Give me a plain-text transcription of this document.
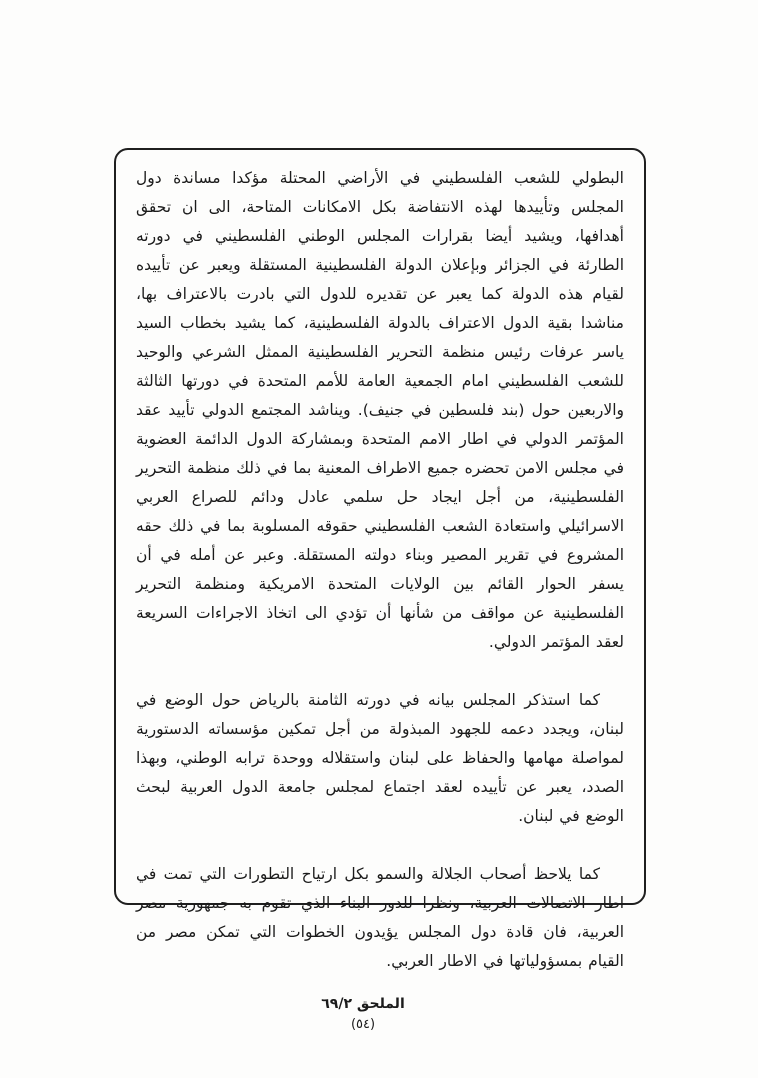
البطولي للشعب الفلسطيني في الأراضي المحتلة مؤكدا مساندة دول المجلس وتأييدها لهذه الانتفاضة بكل الامكانات المتاحة، الى ان تحقق أهدافها، ويشيد أيضا بقرارات المجلس الوطني الفلسطيني في دورته الطارئة في الجزائر وبإعلان الدولة الفلسطينية المستقلة ويعبر عن تأييده لقيام هذه الدولة كما يعبر عن تقديره للدول التي بادرت بالاعتراف بها، مناشدا بقية الدول الاعتراف بالدولة الفلسطينية، كما يشيد بخطاب السيد ياسر عرفات رئيس منظمة التحرير الفلسطينية الممثل الشرعي والوحيد للشعب الفلسطيني امام الجمعية العامة للأمم المتحدة في دورتها الثالثة والاربعين حول (بند فلسطين في جنيف). ويناشد المجتمع الدولي تأييد عقد المؤتمر الدولي في اطار الامم المتحدة وبمشاركة الدول الدائمة العضوية في مجلس الامن تحضره جميع الاطراف المعنية بما في ذلك منظمة التحرير الفلسطينية، من أجل ايجاد حل سلمي عادل ودائم للصراع العربي الاسرائيلي واستعادة الشعب الفلسطيني حقوقه المسلوبة بما في ذلك حقه المشروع في تقرير المصير وبناء دولته المستقلة. وعبر عن أمله في أن يسفر الحوار القائم بين الولايات المتحدة الامريكية ومنظمة التحرير الفلسطينية عن مواقف من شأنها أن تؤدي الى اتخاذ الاجراءات السريعة لعقد المؤتمر الدولي.

كما استذكر المجلس بيانه في دورته الثامنة بالرياض حول الوضع في لبنان، ويجدد دعمه للجهود المبذولة من أجل تمكين مؤسساته الدستورية لمواصلة مهامها والحفاظ على لبنان واستقلاله ووحدة ترابه الوطني، وبهذا الصدد، يعبر عن تأييده لعقد اجتماع لمجلس جامعة الدول العربية لبحث الوضع في لبنان.

كما يلاحظ أصحاب الجلالة والسمو بكل ارتياح التطورات التي تمت في اطار الاتصالات العربية، ونظرا للدور البناء الذي تقوم به جمهورية مصر العربية، فان قادة دول المجلس يؤيدون الخطوات التي تمكن مصر من القيام بمسؤولياتها في الاطار العربي.

الملحق ٦٩/٢
(٥٤)
